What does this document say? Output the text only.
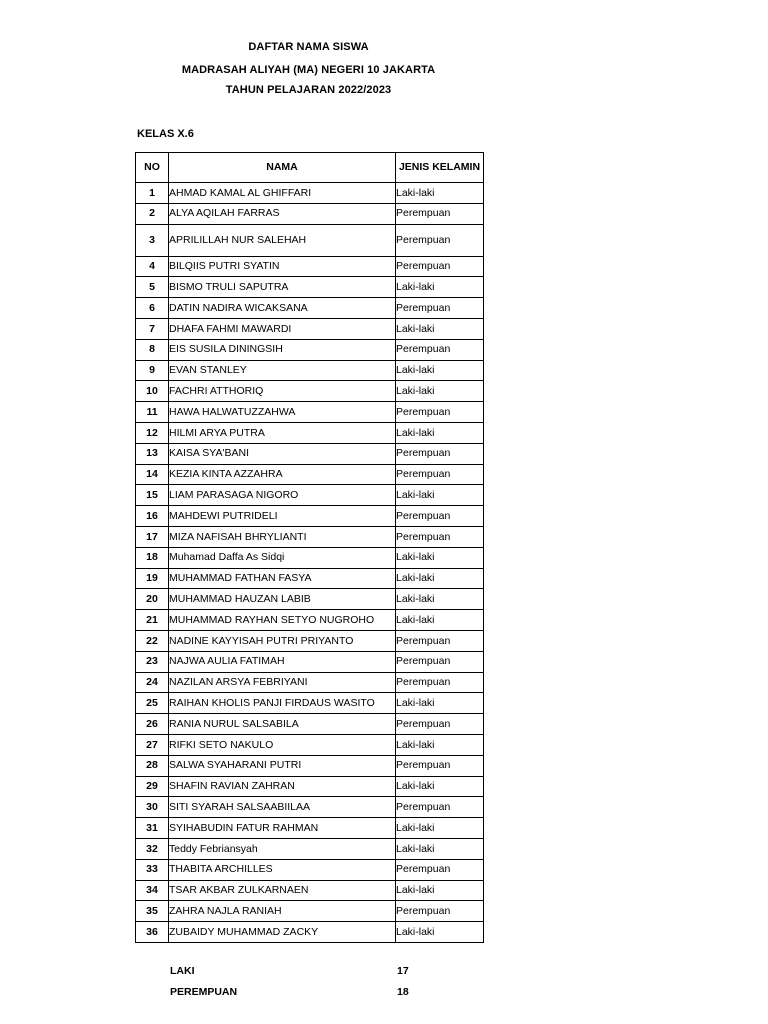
DAFTAR NAMA SISWA
MADRASAH ALIYAH (MA) NEGERI 10 JAKARTA
TAHUN PELAJARAN 2022/2023
KELAS X.6
NO	NAMA	JENIS KELAMIN
1	AHMAD KAMAL AL GHIFFARI	Laki-laki
2	ALYA AQILAH FARRAS	Perempuan
3	APRILILLAH NUR SALEHAH	Perempuan
4	BILQIIS PUTRI SYATIN	Perempuan
5	BISMO TRULI SAPUTRA	Laki-laki
6	DATIN NADIRA WICAKSANA	Perempuan
7	DHAFA FAHMI MAWARDI	Laki-laki
8	EIS SUSILA DININGSIH	Perempuan
9	EVAN STANLEY	Laki-laki
10	FACHRI ATTHORIQ	Laki-laki
11	HAWA HALWATUZZAHWA	Perempuan
12	HILMI ARYA PUTRA	Laki-laki
13	KAISA SYA'BANI	Perempuan
14	KEZIA KINTA AZZAHRA	Perempuan
15	LIAM PARASAGA NIGORO	Laki-laki
16	MAHDEWI PUTRIDELI	Perempuan
17	MIZA NAFISAH BHRYLIANTI	Perempuan
18	Muhamad Daffa As Sidqi	Laki-laki
19	MUHAMMAD FATHAN FASYA	Laki-laki
20	MUHAMMAD HAUZAN LABIB	Laki-laki
21	MUHAMMAD RAYHAN SETYO NUGROHO	Laki-laki
22	NADINE KAYYISAH PUTRI PRIYANTO	Perempuan
23	NAJWA AULIA FATIMAH	Perempuan
24	NAZILAN ARSYA FEBRIYANI	Perempuan
25	RAIHAN KHOLIS PANJI FIRDAUS WASITO	Laki-laki
26	RANIA NURUL SALSABILA	Perempuan
27	RIFKI SETO NAKULO	Laki-laki
28	SALWA SYAHARANI PUTRI	Perempuan
29	SHAFIN RAVIAN ZAHRAN	Laki-laki
30	SITI SYARAH SALSAABIILAA	Perempuan
31	SYIHABUDIN FATUR RAHMAN	Laki-laki
32	Teddy Febriansyah	Laki-laki
33	THABITA ARCHILLES	Perempuan
34	TSAR AKBAR ZULKARNAEN	Laki-laki
35	ZAHRA NAJLA RANIAH	Perempuan
36	ZUBAIDY MUHAMMAD ZACKY	Laki-laki
LAKI	17
PEREMPUAN	18
